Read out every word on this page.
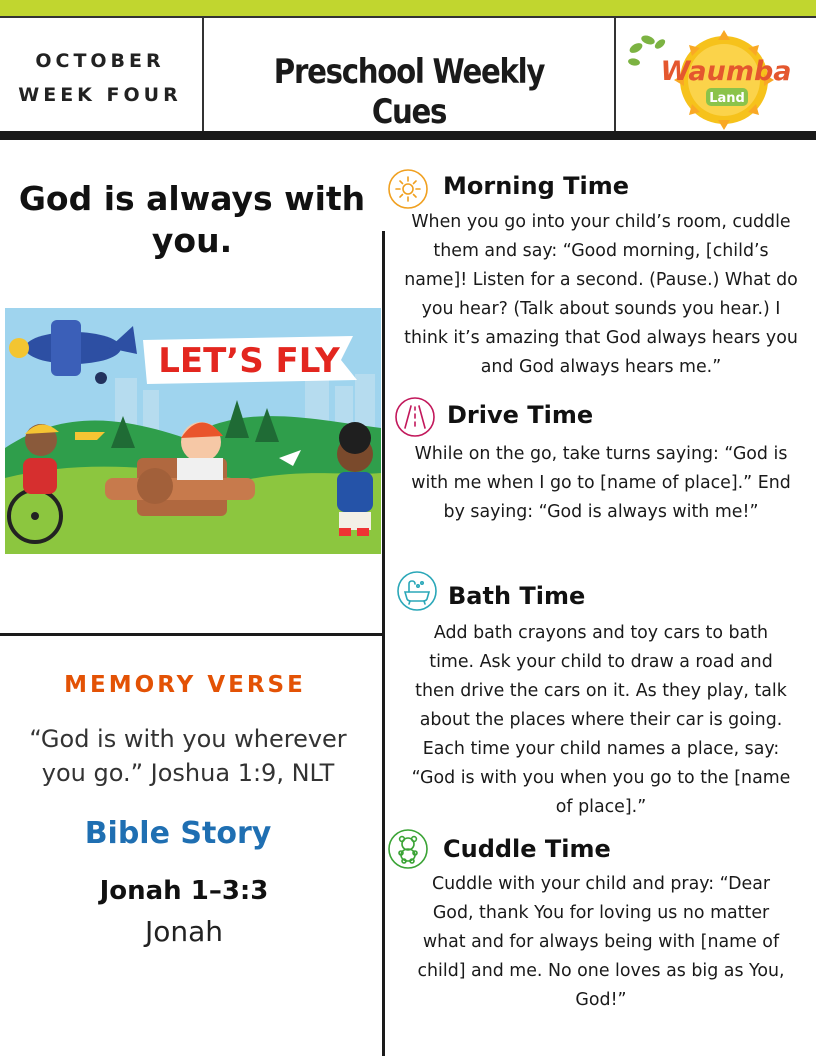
OCTOBER
WEEK FOUR
Preschool Weekly Cues
Waumba
Land
God is always with
you.
LET’S FLY
MEMORY VERSE
“God is with you wherever
you go.” Joshua 1:9, NLT
Bible Story
Jonah 1–3:3
Jonah
Morning Time
When you go into your child’s room, cuddle
them and say: “Good morning, [child’s
name]! Listen for a second. (Pause.) What do
you hear? (Talk about sounds you hear.) I
think it’s amazing that God always hears you
and God always hears me.”
Drive Time
While on the go, take turns saying: “God is
with me when I go to [name of place].” End
by saying: “God is always with me!”
Bath Time
Add bath crayons and toy cars to bath
time. Ask your child to draw a road and
then drive the cars on it. As they play, talk
about the places where their car is going.
Each time your child names a place, say:
“God is with you when you go to the [name
of place].”
Cuddle Time
Cuddle with your child and pray: “Dear
God, thank You for loving us no matter
what and for always being with [name of
child] and me. No one loves as big as You,
God!”
